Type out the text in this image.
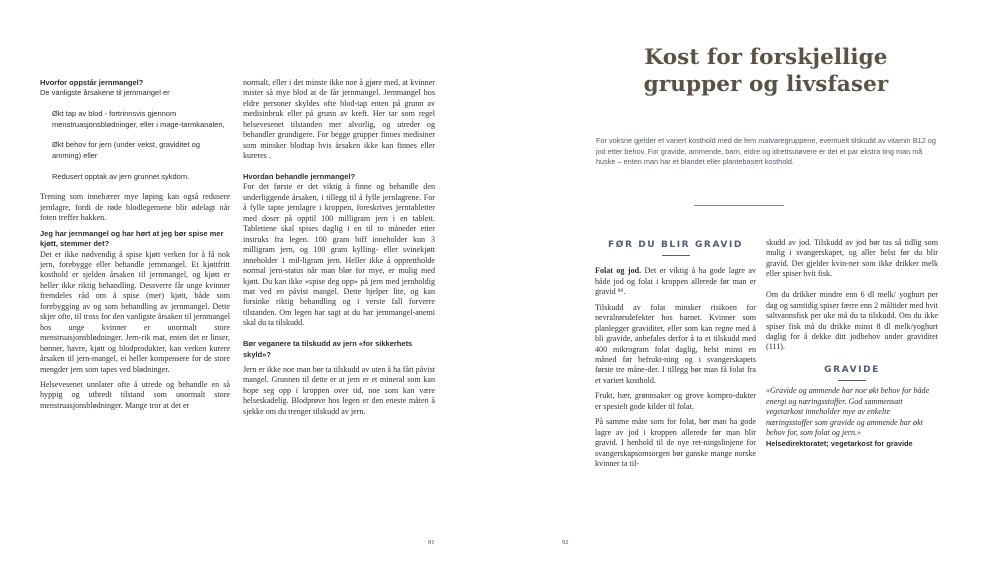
Hvorfor oppstår jernmangel?

De vanligste årsakene til jernmangel er

Økt tap av blod - fortrinnsvis gjennom menstruasjonsblødninger, eller i mage-tarmkanalen,

Økt behov for jern (under vekst, graviditet og amming) eller

Redusert opptak av jern grunnet sykdom.

Trening som innebærer mye løping kan også redusere jernlagre, fordi de røde blodlegemene blir ødelagt når foten treffer bakken.

Jeg har jernmangel og har hørt at jeg bør spise mer kjøtt, stemmer det?

Det er ikke nødvendig å spise kjøtt verken for å få nok jern, forebygge eller behandle jernmangel. Et kjøttfritt kosthold er sjelden årsaken til jernmangel, og kjøtt er heller ikke riktig behandling. Dessverre får unge kvinner fremdeles råd om å spise (mer) kjøtt, både som forebygging av og som behandling av jernmangel. Dette skjer ofte, til tross for den vanligste årsaken til jernmangel hos unge kvinner er unormalt store menstruasjonsblødninger. Jern-rik mat, enten det er linser, bønner, havre, kjøtt og blodprodukter, kan verken kurere årsaken til jern-mangel, ei heller kompensere for de store mengder jern som tapes ved blødninger.

Helsevesenet unnlater ofte å utrede og behandle en så hyppig og utbredt tilstand som unormalt store menstruasjonsblødninger. Mange tror at det er

normalt, eller i det minste ikke noe å gjøre med, at kvinner mister så mye blod at de får jernmangel. Jernmangel hos eldre personer skyldes ofte blod-tap enten på grunn av medisinbruk eller på grunn av kreft. Her tar som regel helsevesenet tilstanden mer alvorlig, og utreder og behandler grundigere. For begge grupper finnes medisiner som minsker blodtap hvis årsaken ikke kan finnes eller kureres .

Hvordan behandle jernmangel?

For det første er det viktig å finne og behandle den underliggende årsaken, i tillegg til å fylle jernlagrene. For å fylle tapte jernlagre i kroppen, foreskrives jerntabletter med doser på opptil 100 milligram jern i en tablett. Tablettene skal spises daglig i en til to måneder etter instruks fra legen. 100 gram biff inneholder kun 3 milligram jern, og 100 gram kylling- eller svinekjøtt inneholder 1 mil-ligram jern. Heller ikke å opprettholde normal jern-status når man blør for mye, er mulig med kjøtt. Du kan ikke «spise deg opp» på jern med jernholdig mat ved en påvist mangel. Dette hjelper lite, og kan forsinke riktig behandling og i verste fall forverre tilstanden. Om legen har sagt at du har jernmangel-anemi skal du ta tilskudd.

Bør veganere ta tilskudd av jern «for sikkerhets skyld»?

Jern er ikke noe man bør ta tilskudd av uten å ha fått påvist mangel. Grunnen til dette er at jern er et mineral som kan hope seg opp i kroppen over tid, noe som kan være helseskadelig. Blodprøve hos legen er den eneste måten å sjekke om du trenger tilskudd av jern.

91
Kost for forskjellige
grupper og livsfaser

For voksne gjelder et variert kosthold med de fem matvaregruppene, eventuelt tilskudd av vitamin B12 og jod etter behov. For gravide, ammende, barn, eldre og idrettsutøvere er det et par ekstra ting man må huske – enten man har et blandet eller plantebasert kosthold.

FØR DU BLIR GRAVID

Folat og jod. Det er viktig å ha gode lagre av både jod og folat i kroppen allerede før man er gravid ⁸⁹.

Tilskudd av folat minsker risikoen for nevralrørsdefekter hos barnet. Kvinner som planlegger graviditet, eller som kan regne med å bli gravide, anbefales derfor å ta et tilskudd med 400 mikrogram folat daglig, helst minst en måned før befrukt-ning og i svangerskapets første tre måne-der. I tillegg bør man få folat fra et variert kosthold.

Frukt, bær, grønnsaker og grove kornpro-dukter er spesielt gode kilder til folat.

På samme måte som for folat, bør man ha gode lagre av jod i kroppen allerede før man blir gravid. I henhold til de nye ret-ningslinjene for svangerskapsomsorgen bør ganske mange norske kvinner ta til-

skudd av jod. Tilskudd av jod bør tas så tidlig som mulig i svangerskapet, og aller helst før du blir gravid. Det gjelder kvin-ner som ikke drikker melk eller spiser hvit fisk.

Om du drikker mindre enn 6 dl melk/ yoghurt per dag og samtidig spiser færre enn 2 måltider med hvit saltvannsfisk per uke må du ta tilskudd. Om du ikke spiser fisk må du drikke minst 8 dl melk/yoghurt daglig for å dekke ditt jodbehov under graviditet (111).

GRAVIDE

«Gravide og ammende har noe økt behov for både energi og næringsstoffer. God sammensatt vegetarkost inneholder mye av enkelte næringsstoffer som gravide og ammende har økt behov for, som folat og jern.»

Helsedirektoratet; vegetarkost for gravide

92
